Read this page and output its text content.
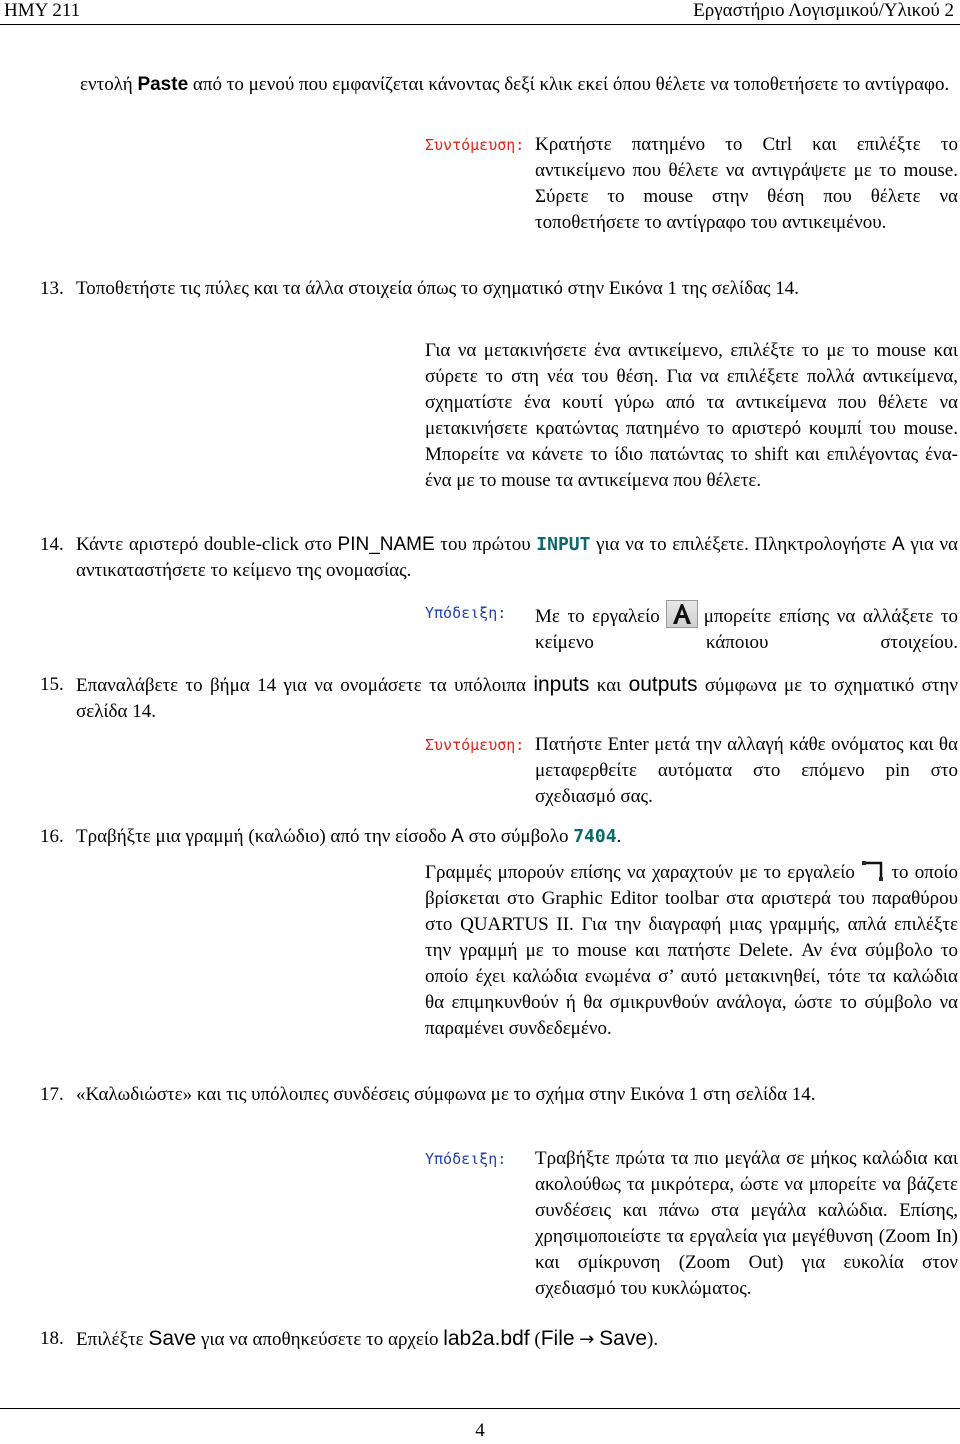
ΗΜΥ 211	Εργαστήριο Λογισμικού/Υλικού 2
εντολή Paste από το μενού που εμφανίζεται κάνοντας δεξί κλικ εκεί όπου θέλετε να τοποθετήσετε το αντίγραφο.
Συντόμευση: Κρατήστε πατημένο το Ctrl και επιλέξτε το αντικείμενο που θέλετε να αντιγράψετε με το mouse. Σύρετε το mouse στην θέση που θέλετε να τοποθετήσετε το αντίγραφο του αντικειμένου.
13. Τοποθετήστε τις πύλες και τα άλλα στοιχεία όπως το σχηματικό στην Εικόνα 1 της σελίδας 14.
Για να μετακινήσετε ένα αντικείμενο, επιλέξτε το με το mouse και σύρετε το στη νέα του θέση. Για να επιλέξετε πολλά αντικείμενα, σχηματίστε ένα κουτί γύρω από τα αντικείμενα που θέλετε να μετακινήσετε κρατώντας πατημένο το αριστερό κουμπί του mouse. Μπορείτε να κάνετε το ίδιο πατώντας το shift και επιλέγοντας ένα-ένα με το mouse τα αντικείμενα που θέλετε.
14. Κάντε αριστερό double-click στο PIN_NAME του πρώτου INPUT για να το επιλέξετε. Πληκτρολογήστε A για να αντικαταστήσετε το κείμενο της ονομασίας.
Υπόδειξη:	Με το εργαλείο μπορείτε επίσης να αλλάξετε το κείμενο κάποιου στοιχείου.
15. Επαναλάβετε το βήμα 14 για να ονομάσετε τα υπόλοιπα inputs και outputs σύμφωνα με το σχηματικό στην σελίδα 14.
Συντόμευση: Πατήστε Enter μετά την αλλαγή κάθε ονόματος και θα μεταφερθείτε αυτόματα στο επόμενο pin στο σχεδιασμό σας.
16. Τραβήξτε μια γραμμή (καλώδιο) από την είσοδο A στο σύμβολο 7404.
Γραμμές μπορούν επίσης να χαραχτούν με το εργαλείο το οποίο βρίσκεται στο Graphic Editor toolbar στα αριστερά του παραθύρου στο QUARTUS II. Για την διαγραφή μιας γραμμής, απλά επιλέξτε την γραμμή με το mouse και πατήστε Delete. Αν ένα σύμβολο το οποίο έχει καλώδια ενωμένα σ’ αυτό μετακινηθεί, τότε τα καλώδια θα επιμηκυνθούν ή θα σμικρυνθούν ανάλογα, ώστε το σύμβολο να παραμένει συνδεδεμένο.
17. «Καλωδιώστε» και τις υπόλοιπες συνδέσεις σύμφωνα με το σχήμα στην Εικόνα 1 στη σελίδα 14.
Υπόδειξη:	Τραβήξτε πρώτα τα πιο μεγάλα σε μήκος καλώδια και ακολούθως τα μικρότερα, ώστε να μπορείτε να βάζετε συνδέσεις και πάνω στα μεγάλα καλώδια. Επίσης, χρησιμοποιείστε τα εργαλεία για μεγέθυνση (Zoom In) και σμίκρυνση (Zoom Out) για ευκολία στον σχεδιασμό του κυκλώματος.
18. Επιλέξτε Save για να αποθηκεύσετε το αρχείο lab2a.bdf (File → Save).
4
